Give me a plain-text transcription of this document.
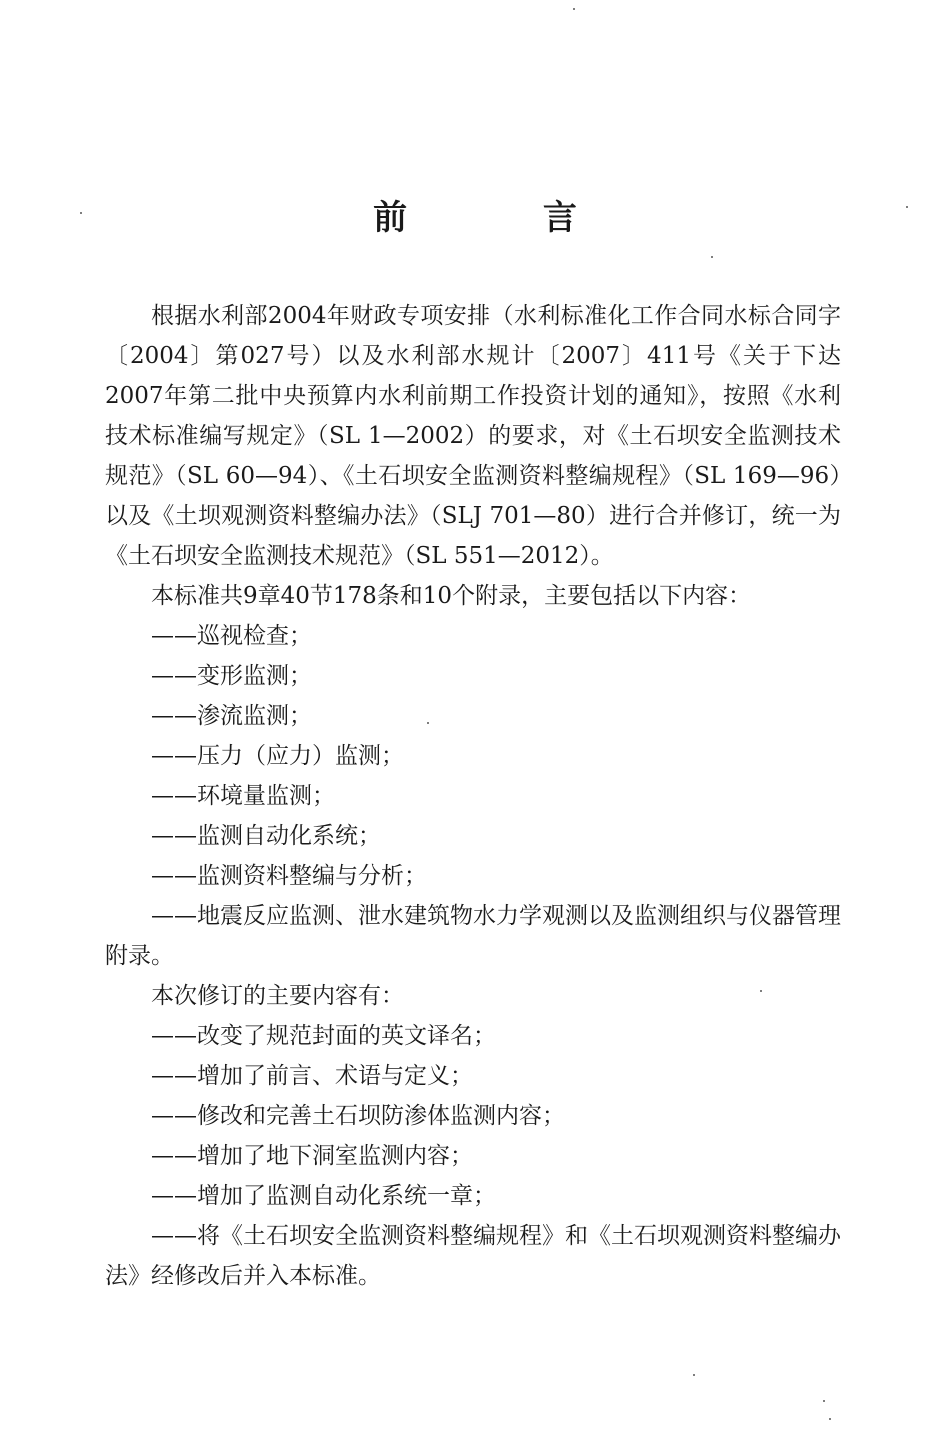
前 言

根据水利部2004年财政专项安排（水利标准化工作合同水标合同字〔2004〕第027号）以及水利部水规计〔2007〕411号《关于下达2007年第二批中央预算内水利前期工作投资计划的通知》，按照《水利技术标准编写规定》（SL 1—2002）的要求，对《土石坝安全监测技术规范》（SL 60—94）、《土石坝安全监测资料整编规程》（SL 169—96）以及《土坝观测资料整编办法》（SLJ 701—80）进行合并修订，统一为《土石坝安全监测技术规范》（SL 551—2012）。

本标准共9章40节178条和10个附录，主要包括以下内容：

——巡视检查；

——变形监测；

——渗流监测；

——压力（应力）监测；

——环境量监测；

——监测自动化系统；

——监测资料整编与分析；

——地震反应监测、泄水建筑物水力学观测以及监测组织与仪器管理附录。

本次修订的主要内容有：

——改变了规范封面的英文译名；

——增加了前言、术语与定义；

——修改和完善土石坝防渗体监测内容；

——增加了地下洞室监测内容；

——增加了监测自动化系统一章；

——将《土石坝安全监测资料整编规程》和《土石坝观测资料整编办法》经修改后并入本标准。
